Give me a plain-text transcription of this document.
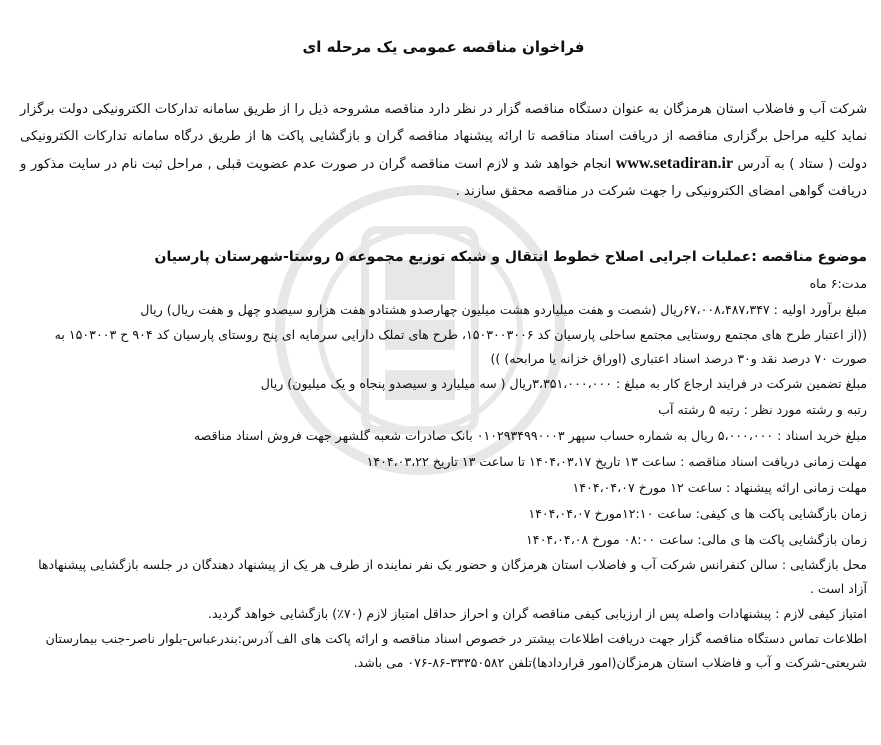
فراخوان مناقصه عمومی یک مرحله ای
شرکت آب و فاضلاب استان هرمزگان به عنوان دستگاه مناقصه گزار در نظر دارد مناقصه مشروحه ذیل را از طریق سامانه تدارکات الکترونیکی دولت برگزار نماید کلیه مراحل برگزاری مناقصه از دریافت اسناد مناقصه تا ارائه پیشنهاد مناقصه گران و بازگشایی پاکت ها از طریق درگاه سامانه تدارکات الکترونیکی دولت ( ستاد ) به آدرس www.setadiran.ir انجام خواهد شد و لازم است مناقصه گران در صورت عدم عضویت قبلی , مراحل ثبت نام در سایت مذکور و دریافت گواهی امضای الکترونیکی را جهت شرکت در مناقصه محقق سازند .
موضوع مناقصه :عملیات اجرایی اصلاح خطوط انتقال و شبکه توزیع مجموعه ۵ روستا-شهرستان پارسیان
مدت:۶ ماه
مبلغ برآورد اولیه : ۶۷،۰۰۸،۴۸۷،۳۴۷ریال (شصت و هفت میلیاردو هشت میلیون چهارصدو هشتادو هفت هزارو سیصدو چهل و هفت ریال) ریال
((از اعتبار طرح های مجتمع روستایی مجتمع ساحلی پارسیان کد ۱۵۰۳۰۰۳۰۰۶، طرح های تملک دارایی سرمایه ای پنج روستای پارسیان کد ۹۰۴ ح ۱۵۰۳۰۰۳ به صورت ۷۰ درصد نقد و۳۰ درصد اسناد اعتباری (اوراق خزانه یا مرابحه) ))
مبلغ تضمین شرکت در فرایند ارجاع کار به مبلغ : ۳،۳۵۱،۰۰۰،۰۰۰ریال ( سه میلیارد و سیصدو پنجاه و یک میلیون) ریال
رتبه و رشته مورد نظر : رتبه ۵ رشته آب
مبلغ خرید اسناد : ۵،۰۰۰،۰۰۰ ریال به شماره حساب سپهر ۰۱۰۲۹۳۴۹۹۰۰۰۳ بانک صادرات شعبه گلشهر جهت فروش اسناد مناقصه
مهلت زمانی دریافت اسناد مناقصه : ساعت ۱۳ تاریخ ۱۴۰۴،۰۳،۱۷ تا ساعت ۱۳ تاریخ ۱۴۰۴،۰۳،۲۲
مهلت زمانی ارائه پیشنهاد : ساعت ۱۲ مورخ ۱۴۰۴،۰۴،۰۷
زمان بازگشایی پاکت ها ی کیفی: ساعت ۱۲:۱۰مورخ ۱۴۰۴،۰۴،۰۷
زمان بازگشایی پاکت ها ی مالی: ساعت ۰۸:۰۰ مورخ ۱۴۰۴،۰۴،۰۸
محل بازگشایی : سالن کنفرانس شرکت آب و فاضلاب استان هرمزگان و حضور یک نفر نماینده از طرف هر یک از پیشنهاد دهندگان در جلسه بازگشایی پیشنهادها آزاد است .
امتیاز کیفی لازم : پیشنهادات واصله پس از ارزیابی کیفی مناقصه گران و احراز حداقل امتیاز لازم (۷۰٪) بازگشایی خواهد گردید.
اطلاعات تماس دستگاه مناقصه گزار جهت دریافت اطلاعات بیشتر در خصوص اسناد مناقصه و ارائه پاکت های الف آدرس:بندرعباس-بلوار ناصر-جنب بیمارستان شریعتی-شرکت و آب و فاضلاب استان هرمزگان(امور قراردادها)تلفن ۳۳۳۵۰۵۸۲-۸۶-۰۷۶ می باشد.
